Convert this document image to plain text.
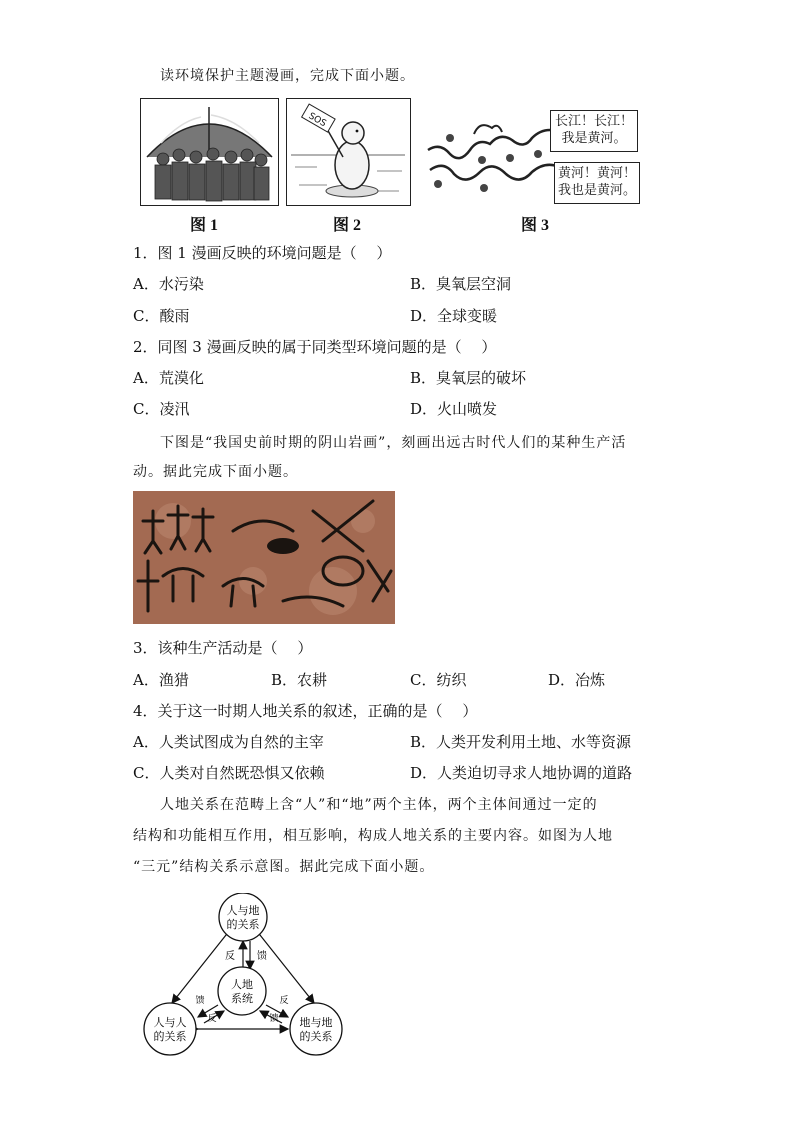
读环境保护主题漫画，完成下面小题。
SOS	长江！长江！
我是黄河。
黄河！黄河！
我也是黄河。
图 1	图 2	图 3
1．图 1 漫画反映的环境问题是（　 ）
A．水污染	B．臭氧层空洞
C．酸雨	D．全球变暖
2．同图 3 漫画反映的属于同类型环境问题的是（　 ）
A．荒漠化	B．臭氧层的破坏
C．凌汛	D．火山喷发
下图是“我国史前时期的阴山岩画”，刻画出远古时代人们的某种生产活
动。据此完成下面小题。
3．该种生产活动是（　 ）
A．渔猎	B．农耕	C．纺织	D．冶炼
4．关于这一时期人地关系的叙述，正确的是（　 ）
A．人类试图成为自然的主宰	B．人类开发利用土地、水等资源
C．人类对自然既恐惧又依赖	D．人类迫切寻求人地协调的道路
人地关系在范畴上含“人”和“地”两个主体，两个主体间通过一定的
结构和功能相互作用，相互影响，构成人地关系的主要内容。如图为人地
“三元”结构关系示意图。据此完成下面小题。
人与地
的关系
人地
系统
人与人
的关系
地与地
的关系
反 馈
馈
反
反
馈
